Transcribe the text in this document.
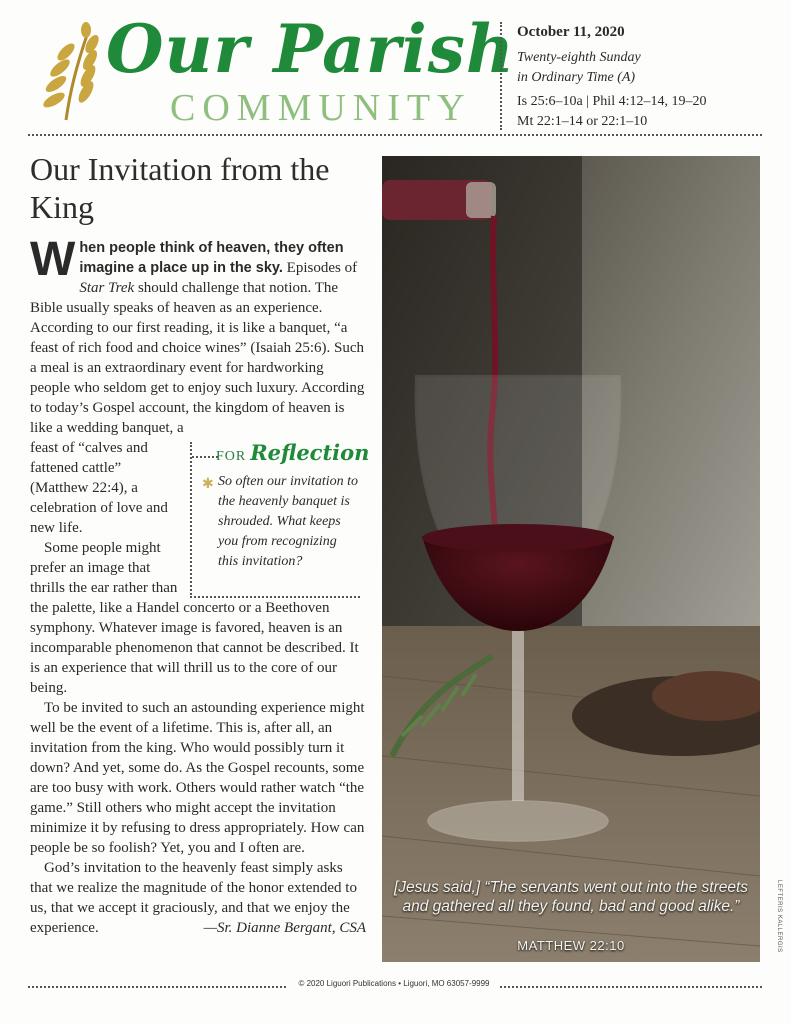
Our Parish
COMMUNITY
October 11, 2020
Twenty-eighth Sunday
in Ordinary Time (A)
Is 25:6–10a | Phil 4:12–14, 19–20
Mt 22:1–14 or 22:1–10
Our Invitation from the King

When people think of heaven, they often imagine a place up in the sky. Episodes of Star Trek should challenge that notion. The Bible usually speaks of heaven as an experience. According to our first reading, it is like a banquet, “a feast of rich food and choice wines” (Isaiah 25:6). Such a meal is an extraordinary event for hardworking people who seldom get to enjoy such luxury. According to today’s Gospel account, the kingdom of heaven is like a wedding banquet, a

feast of “calves and fattened cattle” (Matthew 22:4), a celebration of love and new life.

Some people might prefer an image that thrills the ear rather than

the palette, like a Handel concerto or a Beethoven symphony. Whatever image is favored, heaven is an incomparable phenomenon that cannot be described. It is an experience that will thrill us to the core of our being.

To be invited to such an astounding experience might well be the event of a lifetime. This is, after all, an invitation from the king. Who would possibly turn it down? And yet, some do. As the Gospel recounts, some are too busy with work. Others would rather watch “the game.” Still others who might accept the invitation minimize it by refusing to dress appropriately. How can people be so foolish? Yet, you and I often are.

God’s invitation to the heavenly feast simply asks that we realize the magnitude of the honor extended to us, that we accept it graciously, and that we enjoy the experience.	—Sr. Dianne Bergant, CSA

FOR Reflection
✱ So often our invitation to the heavenly banquet is shrouded. What keeps you from recognizing this invitation?
[Jesus said,] “The servants went out into the streets and gathered all they found, bad and good alike.”
MATTHEW 22:10	LEFTERIS KALLERGIS
© 2020 Liguori Publications • Liguori, MO 63057-9999
